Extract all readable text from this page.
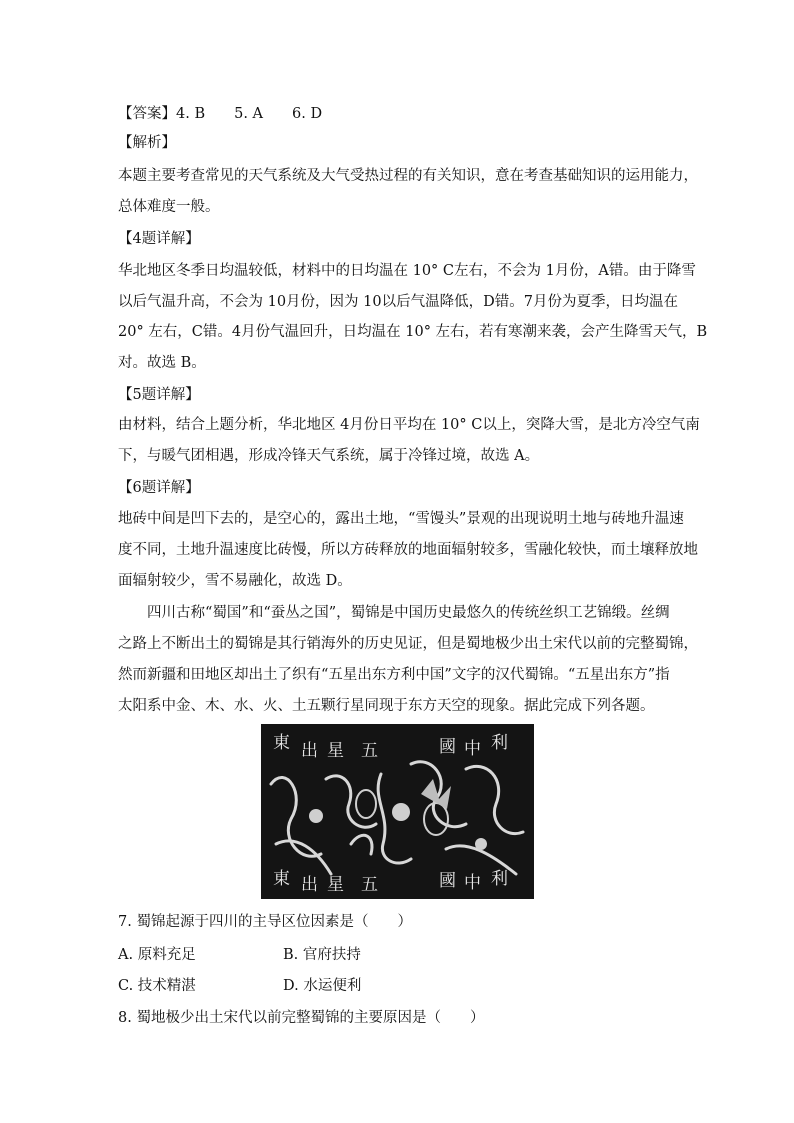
【答案】4. B　　5. A　　6. D
【解析】
本题主要考查常见的天气系统及大气受热过程的有关知识，意在考查基础知识的运用能力，
总体难度一般。
【4题详解】
华北地区冬季日均温较低，材料中的日均温在 10° C左右，不会为 1月份，A错。由于降雪
以后气温升高，不会为 10月份，因为 10以后气温降低，D错。7月份为夏季，日均温在
20° 左右，C错。4月份气温回升，日均温在 10° 左右，若有寒潮来袭，会产生降雪天气，B
对。故选 B。
【5题详解】
由材料，结合上题分析，华北地区 4月份日平均在 10° C以上，突降大雪，是北方冷空气南
下，与暖气团相遇，形成冷锋天气系统，属于冷锋过境，故选 A。
【6题详解】
地砖中间是凹下去的，是空心的，露出土地，“雪馒头”景观的出现说明土地与砖地升温速
度不同，土地升温速度比砖慢，所以方砖释放的地面辐射较多，雪融化较快，而土壤释放地
面辐射较少，雪不易融化，故选 D。
四川古称“蜀国”和“蚕丛之国”，蜀锦是中国历史最悠久的传统丝织工艺锦缎。丝绸
之路上不断出土的蜀锦是其行销海外的历史见证，但是蜀地极少出土宋代以前的完整蜀锦，
然而新疆和田地区却出土了织有“五星出东方利中国”文字的汉代蜀锦。“五星出东方”指
太阳系中金、木、水、火、土五颗行星同现于东方天空的现象。据此完成下列各题。
東 出 星 五	國 中 利
東 出 星 五	國 中 利
7. 蜀锦起源于四川的主导区位因素是（　　）
A. 原料充足	B. 官府扶持
C. 技术精湛	D. 水运便利
8. 蜀地极少出土宋代以前完整蜀锦的主要原因是（　　）
